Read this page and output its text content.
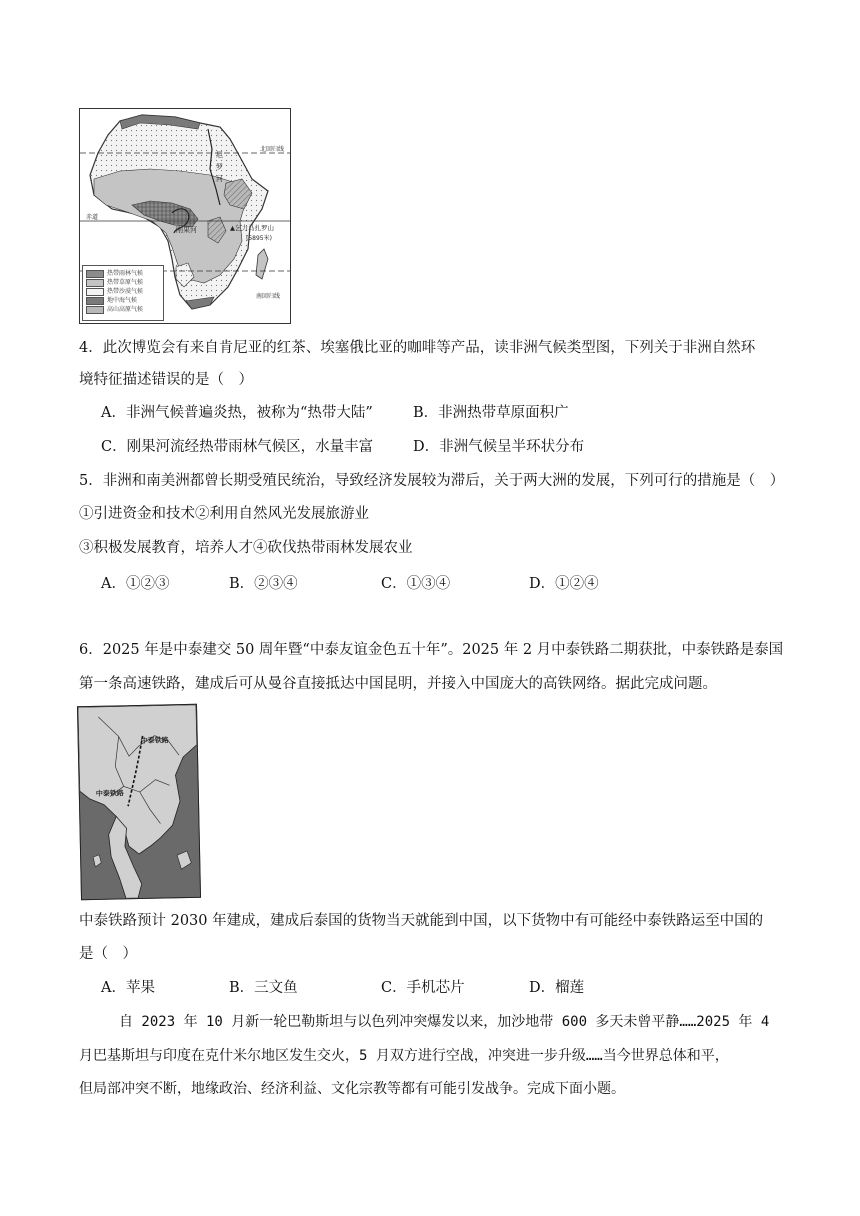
北回归线
赤道
南回归线
尼罗河
刚果河	▲乞力马扎罗山
(5895米)
热带雨林气候
热带草原气候
热带沙漠气候
地中海气候
高山高原气候
4．此次博览会有来自肯尼亚的红茶、埃塞俄比亚的咖啡等产品，读非洲气候类型图，下列关于非洲自然环
境特征描述错误的是（　）
A．非洲气候普遍炎热，被称为“热带大陆”	B．非洲热带草原面积广
C．刚果河流经热带雨林气候区，水量丰富	D．非洲气候呈半环状分布
5．非洲和南美洲都曾长期受殖民统治，导致经济发展较为滞后，关于两大洲的发展，下列可行的措施是（　）
①引进资金和技术②利用自然风光发展旅游业
③积极发展教育，培养人才④砍伐热带雨林发展农业
A．①②③	B．②③④	C．①③④	D．①②④
6．2025 年是中泰建交 50 周年暨“中泰友谊金色五十年”。2025 年 2 月中泰铁路二期获批，中泰铁路是泰国
第一条高速铁路，建成后可从曼谷直接抵达中国昆明，并接入中国庞大的高铁网络。据此完成问题。
中泰铁路
中泰铁路
中泰铁路预计 2030 年建成，建成后泰国的货物当天就能到中国，以下货物中有可能经中泰铁路运至中国的
是（　）
A．苹果	B．三文鱼	C．手机芯片	D．榴莲
自 2023 年 10 月新一轮巴勒斯坦与以色列冲突爆发以来，加沙地带 600 多天未曾平静……2025 年 4
月巴基斯坦与印度在克什米尔地区发生交火，5 月双方进行空战，冲突进一步升级……当今世界总体和平，
但局部冲突不断，地缘政治、经济利益、文化宗教等都有可能引发战争。完成下面小题。
